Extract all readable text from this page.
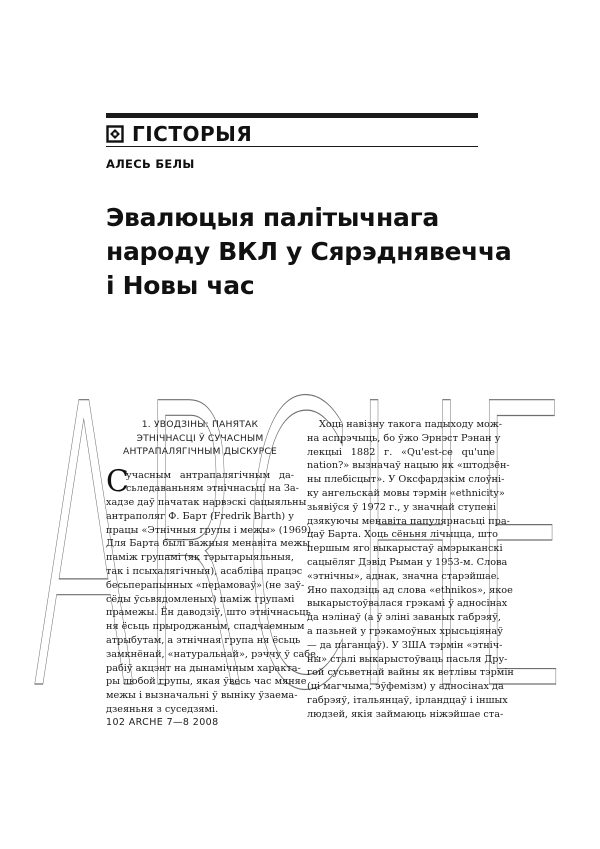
ARCHE
ГІСТОРЫЯ
АЛЕСЬ БЕЛЫ
Эвалюцыя палітычнага
народу ВКЛ у Сярэднявечча
і Новы час
1. УВОДЗІНЫ: ПАНЯТАК
ЭТНІЧНАСЦІ Ў СУЧАСНЫМ
АНТРАПАЛЯГІЧНЫМ ДЫСКУРСЕ
учасным антрапалягічным да-
С
сьледаваньням этнічнасьці на За-
хадзе даў пачатак нарвэскі сацыяльны
антраполяг Ф. Барт (Fredrik Barth) у
працы «Этнічныя групы і межы» (1969).
Для Барта былі важныя менавіта межы
паміж групамі (як тэрытарыяльныя,
так і псыхалягічныя), асабліва працэс
бесьперапынных «перамоваў» (не заў-
сёды ўсьвядомленых) паміж групамі
прамежы. Ён даводзіў, што этнічнасьць
ня ёсьць прыроджаным, спадчаемным
атрыбутам, а этнічная група ня ёсьць
замкнёнай, «натуральнай», рэччу ў сабе,
рабіў акцэнт на дынамічным характа-
ры любой групы, якая ўвесь час мяняе
межы і вызначальні ў выніку ўзаема-
дзеяньня з суседзямі.
Хоць навізну такога падыходу мож-
на аспрэчыць, бо ўжо Эрнэст Рэнан у
лекцыі 1882 г. «Qu'est-ce qu'une
nation?» вызначаў нацыю як «штодзён-
ны плебісцыт». У Оксфардзкім слоўні-
ку ангельскай мовы тэрмін «ethnicity»
зьявіўся ў 1972 г., у значнай ступені
дзякуючы менавіта папулярнасьці пра-
цаў Барта. Хоць сёньня лічыцца, што
першым яго выкарыстаў амэрыканскі
сацыёляг Дэвід Рыман у 1953-м. Слова
«этнічны», аднак, значна старэйшае.
Яно паходзіць ад слова «ethnikos», якое
выкарыстоўвалася грэкамі ў адносінах
да нэлінаў (а ў эліні заваных габрэяў,
а пазьней у грэкамоўных хрысьціянаў
— да паганцаў). У ЗША тэрмін «этніч-
ны» сталі выкарыстоўваць пасьля Дру-
гой сусьветнай вайны як ветлівы тэрмін
(ці магчыма, эўфемізм) у адносінах да
габрэяў, італьянцаў, ірландцаў і іншых
людзей, якія займаюць ніжэйшае ста-
102 ARCHE 7—8 2008
